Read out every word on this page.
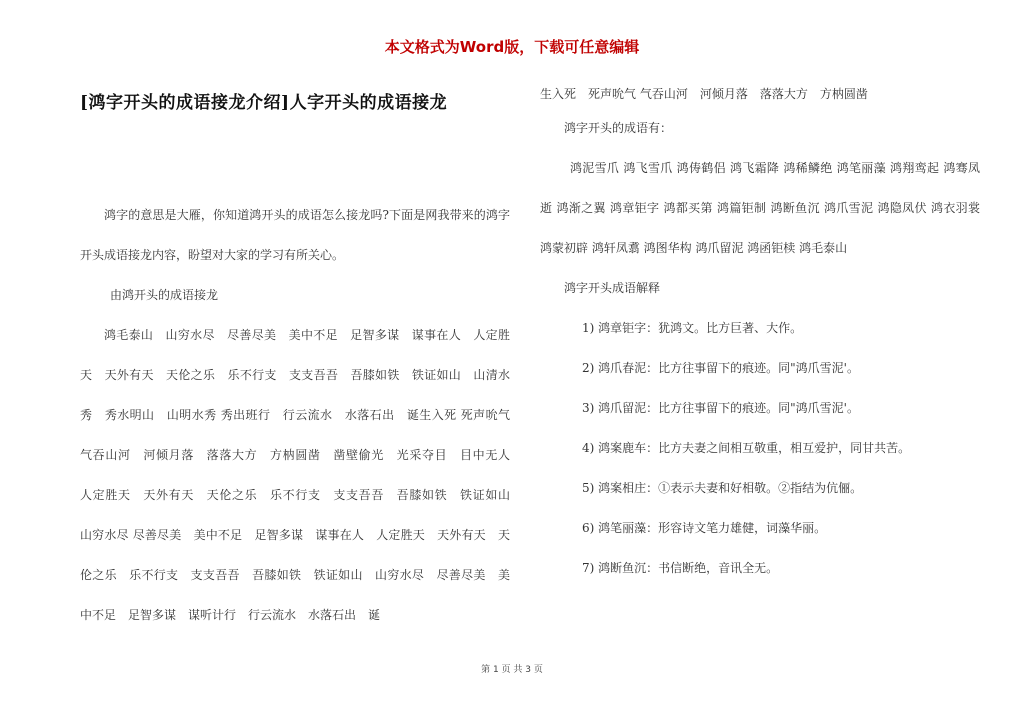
本文格式为Word版，下载可任意编辑
[鸿字开头的成语接龙介绍]人字开头的成语接龙

鸿字的意思是大雁，你知道鸿开头的成语怎么接龙吗?下面是网我带来的鸿字开头成语接龙内容，盼望对大家的学习有所关心。

由鸿开头的成语接龙

鸿毛泰山　山穷水尽　尽善尽美　美中不足　足智多谋　谋事在人　人定胜天　天外有天　天伦之乐　乐不行支　支支吾吾　吾膝如铁　铁证如山　山清水秀　秀水明山　山明水秀 秀出班行　行云流水　水落石出　诞生入死 死声吮气　气吞山河　河倾月落　落落大方　方枘圆凿　凿壁偷光　光采夺目　目中无人　人定胜天　天外有天　天伦之乐　乐不行支　支支吾吾　吾膝如铁　铁证如山　山穷水尽 尽善尽美　美中不足　足智多谋　谋事在人　人定胜天　天外有天　天伦之乐　乐不行支　支支吾吾　吾膝如铁　铁证如山　山穷水尽　尽善尽美　美中不足　足智多谋　谋听计行　行云流水　水落石出　诞

生入死　死声吮气 气吞山河　河倾月落　落落大方　方枘圆凿

鸿字开头的成语有：

鸿泥雪爪 鸿飞雪爪 鸿俦鹤侣 鸿飞霜降 鸿稀鳞绝 鸿笔丽藻 鸿翔鸾起 鸿骞凤逝 鸿渐之翼 鸿章钜字 鸿都买第 鸿篇钜制 鸿断鱼沉 鸿爪雪泥 鸿隐凤伏 鸿衣羽裳 鸿蒙初辟 鸿轩凤翥 鸿图华构 鸿爪留泥 鸿函钜椟 鸿毛泰山

鸿字开头成语解释

1) 鸿章钜字：犹鸿文。比方巨著、大作。

2) 鸿爪春泥：比方往事留下的痕迹。同"鸿爪雪泥'。

3) 鸿爪留泥：比方往事留下的痕迹。同"鸿爪雪泥'。

4) 鸿案鹿车：比方夫妻之间相互敬重，相互爱护，同甘共苦。

5) 鸿案相庄：①表示夫妻和好相敬。②指结为伉俪。

6) 鸿笔丽藻：形容诗文笔力雄健，词藻华丽。

7) 鸿断鱼沉：书信断绝，音讯全无。

第 1 页 共 3 页
